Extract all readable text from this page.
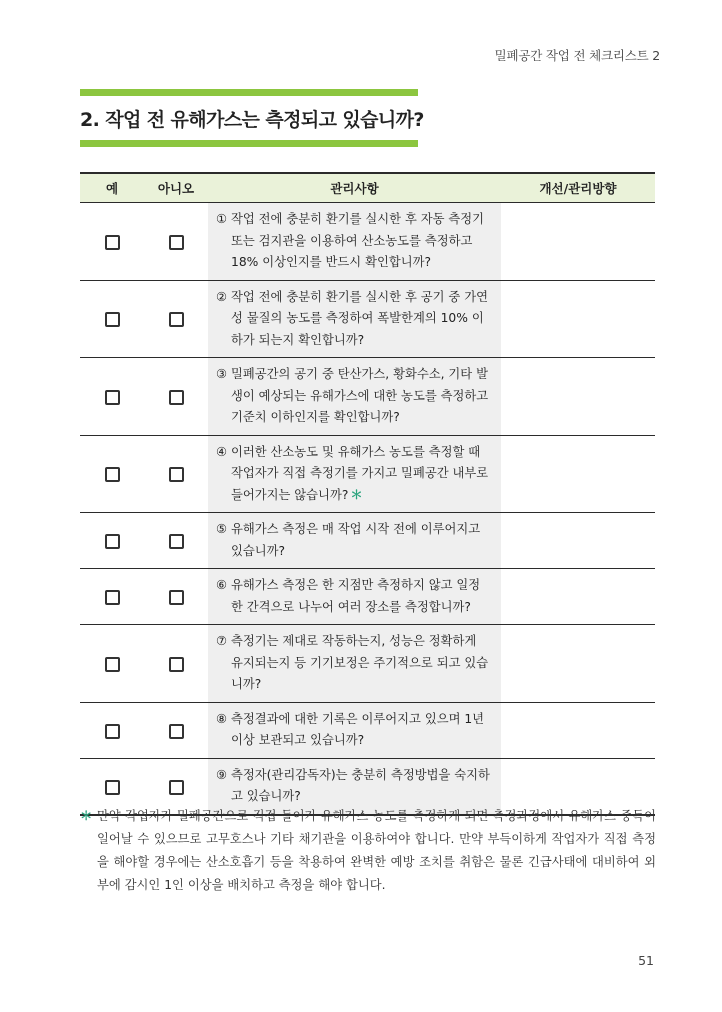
밀폐공간 작업 전 체크리스트 2
2. 작업 전 유해가스는 측정되고 있습니까?
예	아니오	관리사항	개선/관리방향

		① 작업 전에 충분히 환기를 실시한 후 자동 측정기 또는 검지관을 이용하여 산소농도를 측정하고 18% 이상인지를 반드시 확인합니까?	

		② 작업 전에 충분히 환기를 실시한 후 공기 중 가연성 물질의 농도를 측정하여 폭발한계의 10% 이하가 되는지 확인합니까?	

		③ 밀폐공간의 공기 중 탄산가스, 황화수소, 기타 발생이 예상되는 유해가스에 대한 농도를 측정하고 기준치 이하인지를 확인합니까?	

		④ 이러한 산소농도 및 유해가스 농도를 측정할 때 작업자가 직접 측정기를 가지고 밀폐공간 내부로 들어가지는 않습니까? ＊	

		⑤ 유해가스 측정은 매 작업 시작 전에 이루어지고 있습니까?	

		⑥ 유해가스 측정은 한 지점만 측정하지 않고 일정한 간격으로 나누어 여러 장소를 측정합니까?	

		⑦ 측정기는 제대로 작동하는지, 성능은 정확하게 유지되는지 등 기기보정은 주기적으로 되고 있습니까?	

		⑧ 측정결과에 대한 기록은 이루어지고 있으며 1년 이상 보관되고 있습니까?	

		⑨ 측정자(관리감독자)는 충분히 측정방법을 숙지하고 있습니까?	

＊ 만약 작업자가 밀폐공간으로 직접 들어가 유해가스 농도를 측정하게 되면 측정과정에서 유해가스 중독이 일어날 수 있으므로 고무호스나 기타 채기관을 이용하여야 합니다. 만약 부득이하게 작업자가 직접 측정을 해야할 경우에는 산소호흡기 등을 착용하여 완벽한 예방 조치를 취함은 물론 긴급사태에 대비하여 외부에 감시인 1인 이상을 배치하고 측정을 해야 합니다.
51
